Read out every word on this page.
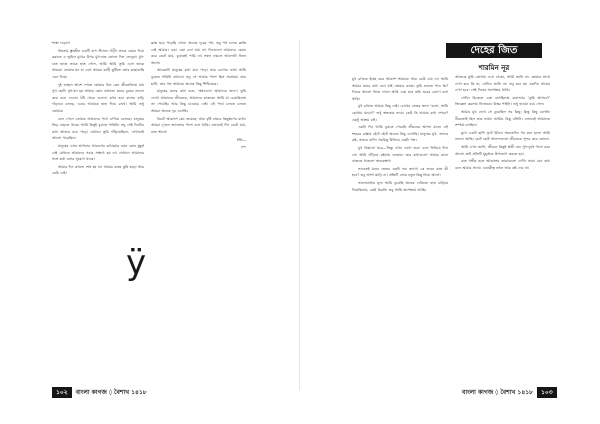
শাস্তা দাড়ান!

নিয়নাম স্তুতহীন একটি বাস স্ট্যান্ডে দাঁড়ী। তাকে কেমন দিয়ে করাতে এ ভূমিল মুখের উপর মুখ-বাত তোলে দিল ফেলুরা। মুখ-বাত হাতে তাকে হাত গোল, আমি আমি তুমি এসে তাকে আমরা। তোমার মন যা এসে আমরা ব্যাহী ছুটিতে তোর কাছাকাছি এনে দিয়ে।

দুই জাহান আশে পেজে তোমার বিল কেন জীবনজিয়ে যায় সুখ ছোট। সুখ-মন হয় আমার কোন তথ্যাত। মনের বুকের ভালো করে বলে দেওয়া ঠাঁই থেকে গুলো। কখন হবে বাসের বাড়ি দাঁড়াবো বলছে, এবার আমাকে হাত দিয়ে রাখে। আমি শুধু তোমার।

বলে গেলে তোমার আমাদের পথে এগিয়ে চলেছে। মানুষের ভিড় বাড়তে থাকে। আমি কিছুই বুঝতে পারিনি। তবু সেই দিনটার কথা আজও মনে পড়ে। যেখানে তুমি দাঁড়িয়েছিলে, সেখানেই আলো পড়েছিল।

মানুষের এসব আপনার আবেগের কাঠামোর এমন কোন মুহূর্ত নেই যেখানে আমাদের সবার সাক্ষাৎ হয় না। সেখানে আমাদের সঙ্গে কথা বলার সুযোগ থাকে।

আমার দিন কখনো শেষ হয় না। আমার কাছে তুমি ছাড়া আর কেউ নেই।

ক্লান্ত হয়ে পড়েছি এখন। অনেক দূরের পথ, তবু পথ চলার ক্লান্তি নেই আমার। একা একা চলা যায় না। দিনগুলো আমাদের কেমন করে কেটে যায়, বুঝতেই পারি না। সন্ধ্যা নামলে আলোটা নিভে আসে।

আরেকটা মানুষের কথা মনে পড়ে। তার চোখের ভাষা আমি বুঝতে পারিনি কখনো। তবু সে আমার পাশে ছিল সবসময়। তার হাসি, তার গল্প আমাকে অনেক কিছু শিখিয়েছে।

মানুষের মনের কথা বলে, 'স্বপ্নগুলো আমাদের জন্য'। তুমি দেখো আমাদের জীবনকে, আমাদের কাজকে। আমি যা চেয়েছিলাম তা পেয়েছি। আর কিছু চাওয়ার নেই। এই পথে চলতে চলতে আমরা অনেক দূর এসেছি।

বিরাট আকাশে মেঘ জমেছে, আর বৃষ্টি নামবে কিছুক্ষণের মধ্যে। আমরা দু'জন জানালার পাশে বসে থাকি। এভাবেই দিন কেটে যায়, রাত আসে।

ইতি—
নন্দ
ÿ
১০২ বাংলা কাগজ ◊ বৈশাখ ১৪১৮
দেহের জিত
শারমিন নূর

মুখ রাখতে ইচ্ছে করে আকাশ আমাকে আর কেউ চায় না। আমি আমার মনের কথা বলে যাই তোমার কাছে। তুমি শুনতে পাও কি? দিনের আলো নিভে গেলে আমি একা হয়ে যাই। ঘরের কোণে বসে থাকি।

মুখ রাখতে আমার কিছু নেই। চোখের ভেতর জল। 'বলো, আমি কোথায় যাবো?' শুধু অন্ধকার নামে। কেউ কি আমার কথা শোনে? একটু আশ্রয় চাই।

একটা দিন আমি বুঝতে পেরেছি জীবনের আসল মানে। এই শহরের রাস্তায় হেঁটে হেঁটে অনেক কিছু দেখেছি। মানুষের মুখ, তাদের কষ্ট, তাদের হাসি। সবকিছু মিলিয়ে একটা গল্প।

মুখ বিছানো ঘরে—'কিন্তু এখন এসো তবে' বলে ফিরিয়ে দিল সে। আমি দাঁড়িয়ে রইলাম দরজায়। তার কথাগুলো আমার কানে বাজতে থাকলো অনেকক্ষণ।

ভাবতেই মনের ভেতর একটা ভয় জাগে। কে জানে কাল কী হবে? তবু আশা ছাড়ি না। প্রতিটি ভোর নতুন কিছু নিয়ে আসে।

ভালোবাসার মূল্য আমি বুঝেছি অনেক দেরিতে। হাত বাড়িয়ে দিয়েছিলাম, কেউ ধরেনি। তবু আমি অপেক্ষায় আছি।

আজকে তুমি কোথায় এসে গেছো, আমি জানি না। তোমার সাথে দেখা হবে কি না, সেটাও জানি না। তবু মনে হয় একদিন আবার দেখা হবে। সেই দিনের অপেক্ষায় থাকি।

সেদিন বিকেলে একা বসেছিলাম বারান্দায়। 'তুমি আসবে?' জিজ্ঞেস করলাম নিজেকে। উত্তর পাইনি। শুধু হাওয়া বয়ে গেল।

আমার মুখ দেখে সে বুঝেছিল সব কিছু। কিন্তু কিছু বলেনি। নীরবতাই ছিল তার ভাষা। আমিও কিছু বলিনি। এভাবেই আমাদের সম্পর্ক চলছিল।

মুখে একটা হাসি ফুটে উঠল। অনেকদিন পর মনে হলো আমি ভালো আছি। ছোট ছোট আনন্দগুলো জীবনকে সুন্দর করে তোলে।

আমি এখন জানি, জীবনে কিছুই স্থায়ী নয়। সুখ-দুঃখ পালা করে আসে। তাই প্রতিটি মুহূর্তকে উপভোগ করতে হয়।

রাত গভীর হলে আকাশের তারাগুলো দেখি। তারা যেন কথা বলে আমার সাথে। একাকীত্ব তখন আর কষ্ট দেয় না।

বাংলা কাগজ ◊ বৈশাখ ১৪১৮ ১০৩
